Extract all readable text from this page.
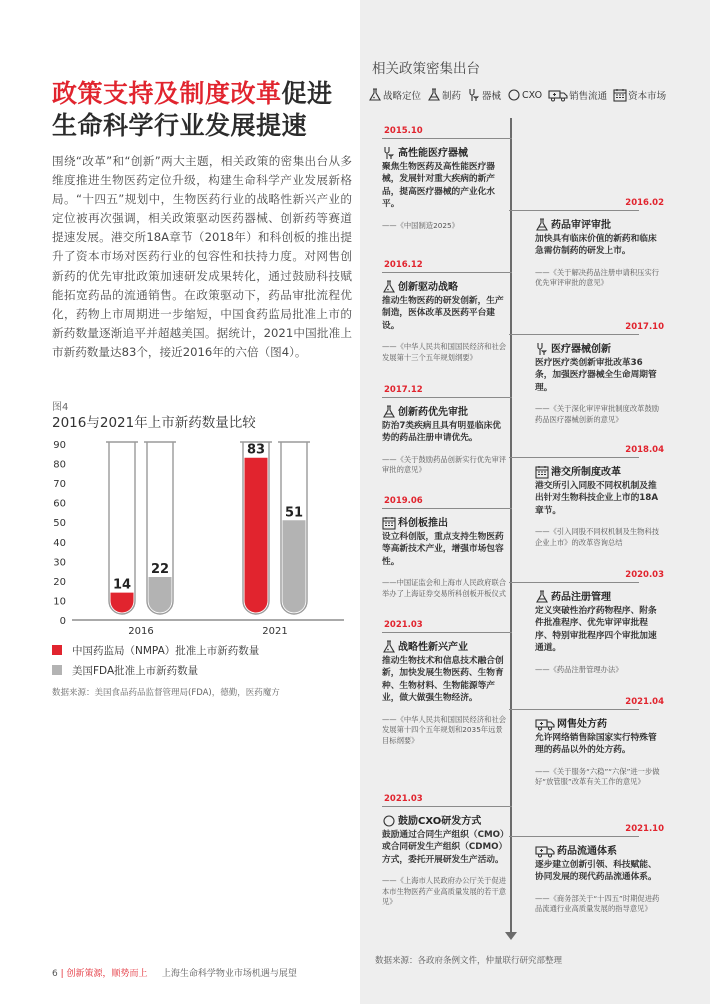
政策支持及制度改革促进生命科学行业发展提速
围绕“改革”和“创新”两大主题，相关政策的密集出台从多维度推进生物医药定位升级，构建生命科学产业发展新格局。“十四五”规划中，生物医药行业的战略性新兴产业的定位被再次强调，相关政策驱动医药器械、创新药等赛道提速发展。港交所18A章节（2018年）和科创板的推出提升了资本市场对医药行业的包容性和扶持力度。对网售创新药的优先审批政策加速研发成果转化，通过鼓励科技赋能拓宽药品的流通销售。在政策驱动下，药品审批流程优化，药物上市周期进一步缩短，中国食药监局批准上市的新药数量逐渐追平并超越美国。据统计，2021中国批准上市新药数量达83个，接近2016年的六倍（图4）。
图4
2016与2021年上市新药数量比较
0
10
20
30
40
50
60
70
80
90
14
22
2016
83
51
2021
中国药监局（NMPA）批准上市新药数量
美国FDA批准上市新药数量
数据来源：美国食品药品监督管理局(FDA)，德勤，医药魔方
6 | 创新策源，顺势而上 上海生命科学物业市场机遇与展望
相关政策密集出台
战略定位 制药 器械 CXO	销售流通 资本市场
2015.10
高性能医疗器械
聚焦生物医药及高性能医疗器械，发展针对重大疾病的新产品，提高医疗器械的产业化水平。
——《中国制造2025》
2016.02
药品审评审批
加快具有临床价值的新药和临床急需仿制药的研发上市。
——《关于解决药品注册申请积压实行优先审评审批的意见》
2016.12
创新驱动战略
推动生物医药的研发创新，生产制造，医体改革及医药平台建设。
——《中华人民共和国国民经济和社会发展第十三个五年规划纲要》
2017.10
医疗器械创新
医疗医疗类创新审批改革36条，加强医疗器械全生命周期管理。
——《关于深化审评审批制度改革鼓励药品医疗器械创新的意见》
2017.12
创新药优先审批
防治7类疾病且具有明显临床优势的药品注册申请优先。
——《关于鼓励药品创新实行优先审评审批的意见》
2018.04
港交所制度改革
港交所引入同股不同权机制及推出针对生物科技企业上市的18A章节。
——《引入同股不同权机制及生物科技企业上市》的改革咨询总结
2019.06
科创板推出
设立科创版，重点支持生物医药等高新技术产业，增强市场包容性。
——中国证监会和上海市人民政府联合举办了上海证券交易所科创板开板仪式
2020.03
药品注册管理
定义突破性治疗药物程序、附条件批准程序、优先审评审批程序、特别审批程序四个审批加速通道。
——《药品注册管理办法》
2021.03
战略性新兴产业
推动生物技术和信息技术融合创新，加快发展生物医药、生物育种、生物材料、生物能源等产业，做大做强生物经济。
——《中华人民共和国国民经济和社会发展第十四个五年规划和2035年远景目标纲要》
2021.04
网售处方药
允许网络销售除国家实行特殊管理的药品以外的处方药。
——《关于服务“六稳”“六保”进一步做好“放管服”改革有关工作的意见》
2021.03
鼓励CXO研发方式
鼓励通过合同生产组织（CMO）或合同研发生产组织（CDMO）方式，委托开展研发生产活动。
——《上海市人民政府办公厅关于促进本市生物医药产业高质量发展的若干意见》
2021.10
药品流通体系
逐步建立创新引领、科技赋能、协同发展的现代药品流通体系。
——《商务部关于“十四五”时期促进药品流通行业高质量发展的指导意见》
数据来源：各政府条例文件，仲量联行研究部整理
